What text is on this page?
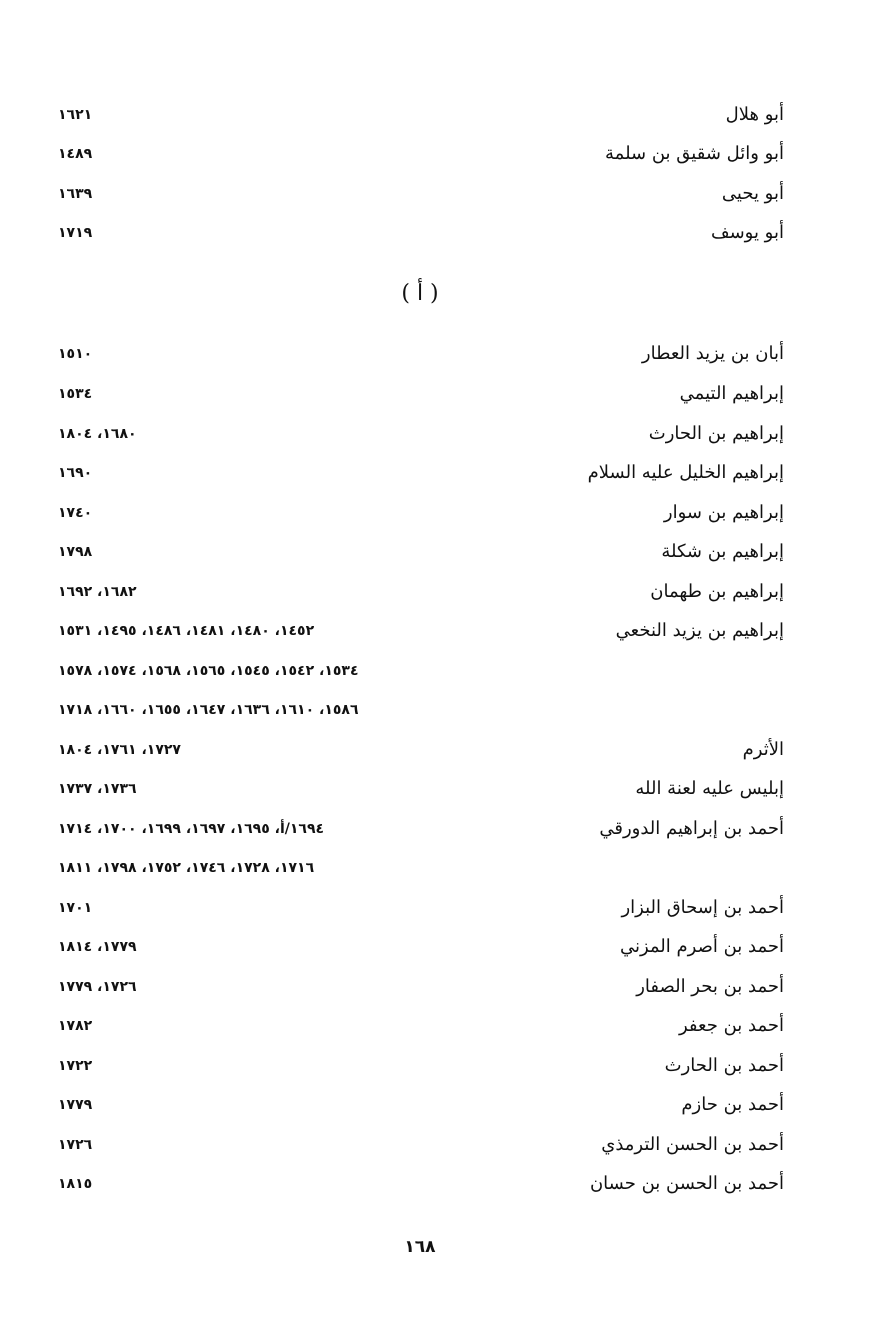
أبو هلال
١٦٢١
أبو وائل شقيق بن سلمة
١٤٨٩
أبو يحيى
١٦٣٩
أبو يوسف
١٧١٩
( أ )
أبان بن يزيد العطار
١٥١٠
إبراهيم التيمي
١٥٣٤
إبراهيم بن الحارث
١٦٨٠، ١٨٠٤
إبراهيم الخليل عليه السلام
١٦٩٠
إبراهيم بن سوار
١٧٤٠
إبراهيم بن شكلة
١٧٩٨
إبراهيم بن طهمان
١٦٨٢، ١٦٩٢
إبراهيم بن يزيد النخعي
١٤٥٢، ١٤٨٠، ١٤٨١، ١٤٨٦، ١٤٩٥، ١٥٣١
١٥٣٤، ١٥٤٢، ١٥٤٥، ١٥٦٥، ١٥٦٨، ١٥٧٤، ١٥٧٨
١٥٨٦، ١٦١٠، ١٦٣٦، ١٦٤٧، ١٦٥٥، ١٦٦٠، ١٧١٨
الأثرم
١٧٢٧، ١٧٦١، ١٨٠٤
إبليس عليه لعنة الله
١٧٣٦، ١٧٣٧
أحمد بن إبراهيم الدورقي
١٦٩٤/أ، ١٦٩٥، ١٦٩٧، ١٦٩٩، ١٧٠٠، ١٧١٤
١٧١٦، ١٧٢٨، ١٧٤٦، ١٧٥٢، ١٧٩٨، ١٨١١
أحمد بن إسحاق البزار
١٧٠١
أحمد بن أصرم المزني
١٧٧٩، ١٨١٤
أحمد بن بحر الصفار
١٧٢٦، ١٧٧٩
أحمد بن جعفر
١٧٨٢
أحمد بن الحارث
١٧٢٢
أحمد بن حازم
١٧٧٩
أحمد بن الحسن الترمذي
١٧٢٦
أحمد بن الحسن بن حسان
١٨١٥
١٦٨
